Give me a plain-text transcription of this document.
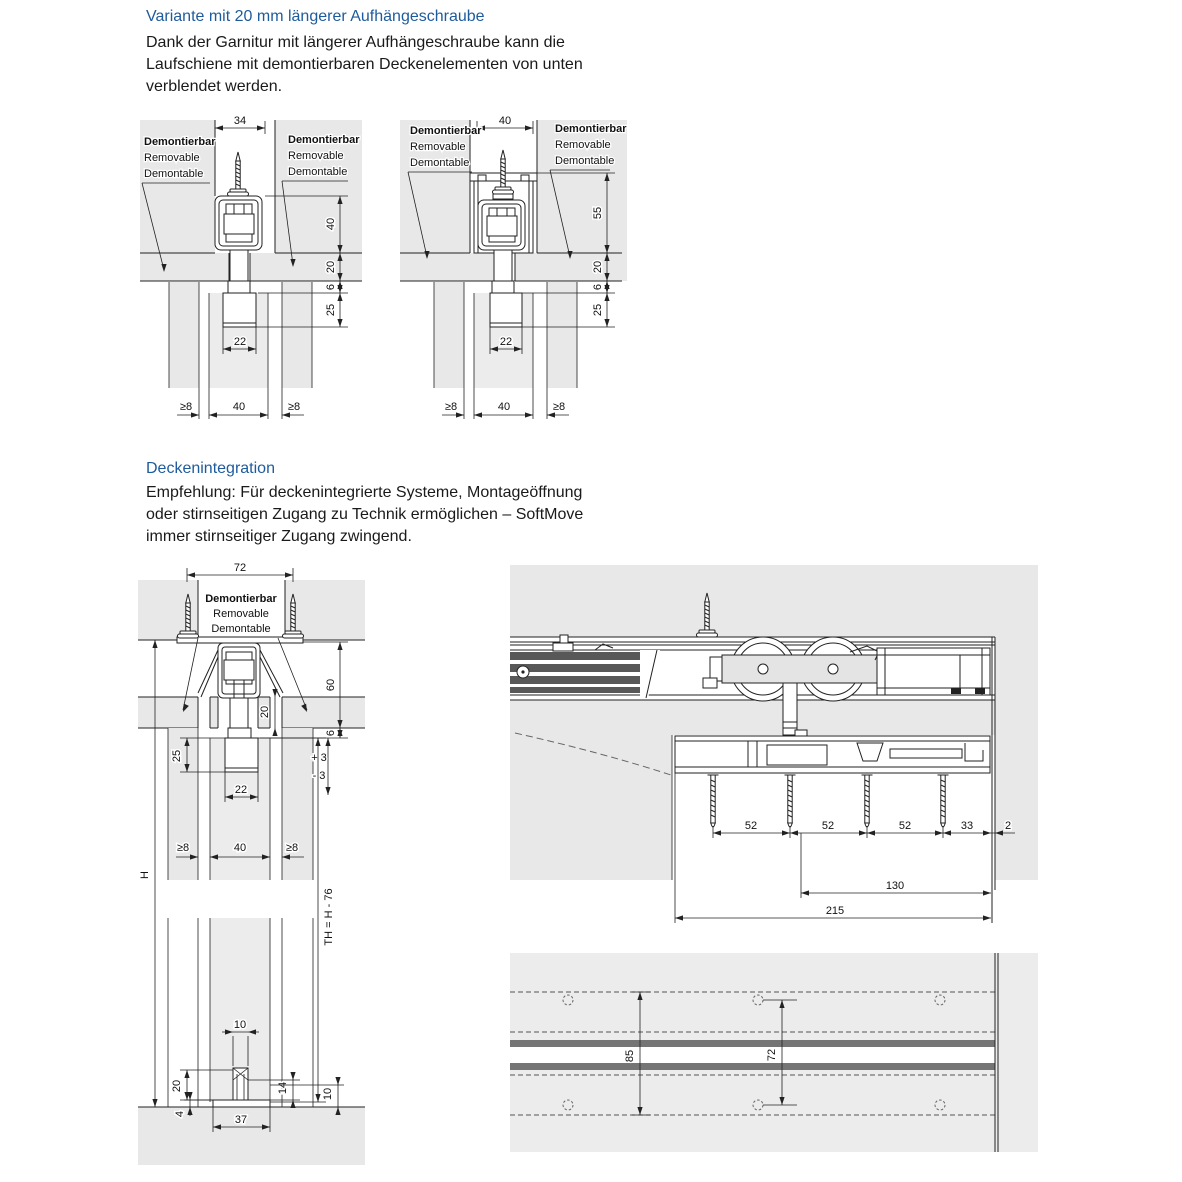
Variante mit 20 mm längerer Aufhängeschraube

Dank der Garnitur mit längerer Aufhängeschraube kann die
Laufschiene mit demontierbaren Deckenelementen von unten
verblendet werden.

34
40
20
6
25
22
≥8	40	≥8
Demontierbar
Removable
Demontable
Demontierbar
Removable
Demontable
40
55
20
6
25
22
≥8	40	≥8
Demontierbar
Removable
Demontable
Demontierbar
Removable
Demontable
Deckenintegration

Empfehlung: Für deckenintegrierte Systeme, Montageöffnung
oder stirnseitigen Zugang zu Technik ermöglichen – SoftMove
immer stirnseitiger Zugang zwingend.

Demontierbar
Removable
Demontable
72
60
6
20
25
22
+ 3
- 3
≥8	40	≥8
H
TH = H - 76
10
20	14	10
4	37
52	52	52	33	2
130
215
85	72
